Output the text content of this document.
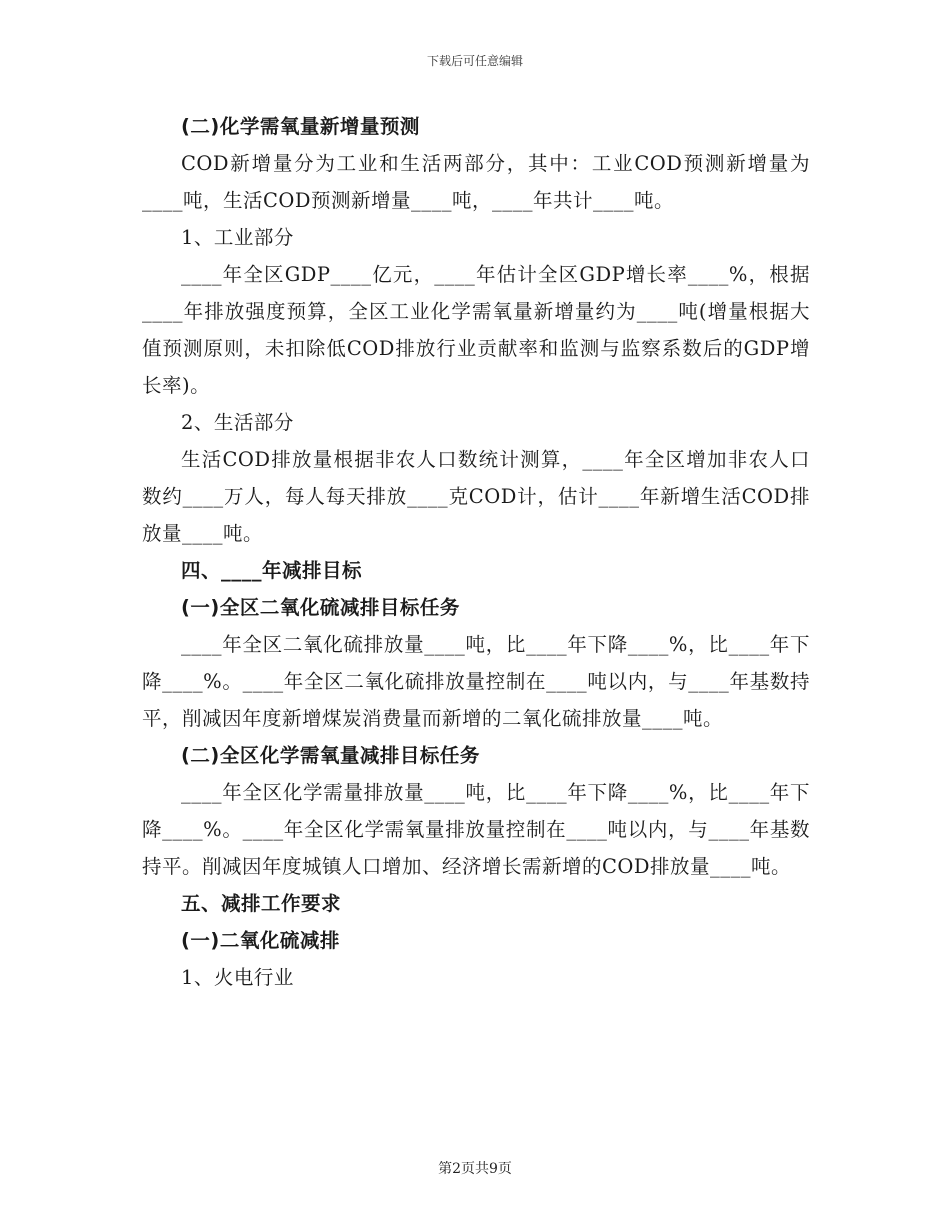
下载后可任意编辑

(二)化学需氧量新增量预测

COD新增量分为工业和生活两部分，其中：工业COD预测新增量为____吨，生活COD预测新增量____吨，____年共计____吨。

1、工业部分

____年全区GDP____亿元，____年估计全区GDP增长率____%，根据____年排放强度预算，全区工业化学需氧量新增量约为____吨(增量根据大值预测原则，未扣除低COD排放行业贡献率和监测与监察系数后的GDP增长率)。

2、生活部分

生活COD排放量根据非农人口数统计测算，____年全区增加非农人口数约____万人，每人每天排放____克COD计，估计____年新增生活COD排放量____吨。

四、____年减排目标

(一)全区二氧化硫减排目标任务

____年全区二氧化硫排放量____吨，比____年下降____%，比____年下降____%。____年全区二氧化硫排放量控制在____吨以内，与____年基数持平，削减因年度新增煤炭消费量而新增的二氧化硫排放量____吨。

(二)全区化学需氧量减排目标任务

____年全区化学需量排放量____吨，比____年下降____%，比____年下降____%。____年全区化学需氧量排放量控制在____吨以内，与____年基数持平。削减因年度城镇人口增加、经济增长需新增的COD排放量____吨。

五、减排工作要求

(一)二氧化硫减排

1、火电行业

第2页共9页
